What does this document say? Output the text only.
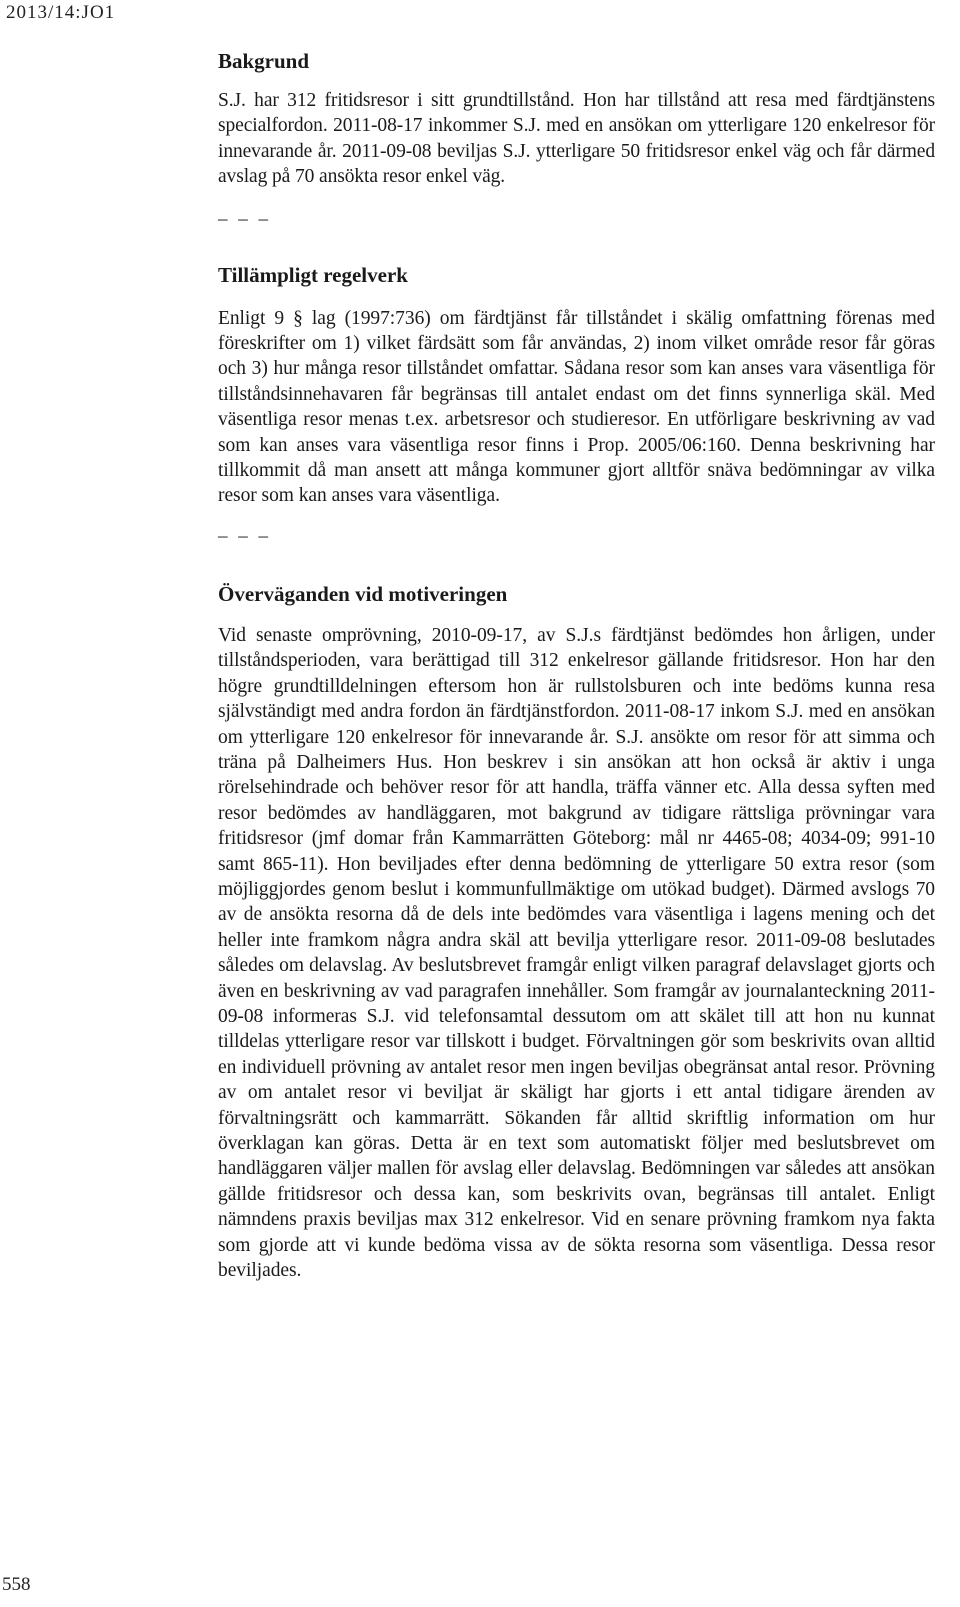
2013/14:JO1
Bakgrund

S.J. har 312 fritidsresor i sitt grundtillstånd. Hon har tillstånd att resa med färdtjänstens specialfordon. 2011-08-17 inkommer S.J. med en ansökan om ytterligare 120 enkelresor för innevarande år. 2011-09-08 beviljas S.J. ytterligare 50 fritidsresor enkel väg och får därmed avslag på 70 ansökta resor enkel väg.

_ _ _
Tillämpligt regelverk

Enligt 9 § lag (1997:736) om färdtjänst får tillståndet i skälig omfattning förenas med föreskrifter om 1) vilket färdsätt som får användas, 2) inom vilket område resor får göras och 3) hur många resor tillståndet omfattar. Sådana resor som kan anses vara väsentliga för tillståndsinnehavaren får begränsas till antalet endast om det finns synnerliga skäl. Med väsentliga resor menas t.ex. arbetsresor och studieresor. En utförligare beskrivning av vad som kan anses vara väsentliga resor finns i Prop. 2005/06:160. Denna beskrivning har tillkommit då man ansett att många kommuner gjort alltför snäva bedömningar av vilka resor som kan anses vara väsentliga.

_ _ _
Överväganden vid motiveringen

Vid senaste omprövning, 2010-09-17, av S.J.s färdtjänst bedömdes hon årligen, under tillståndsperioden, vara berättigad till 312 enkelresor gällande fritidsresor. Hon har den högre grundtilldelningen eftersom hon är rullstolsburen och inte bedöms kunna resa självständigt med andra fordon än färdtjänstfordon. 2011-08-17 inkom S.J. med en ansökan om ytterligare 120 enkelresor för innevarande år. S.J. ansökte om resor för att simma och träna på Dalheimers Hus. Hon beskrev i sin ansökan att hon också är aktiv i unga rörelsehindrade och behöver resor för att handla, träffa vänner etc. Alla dessa syften med resor bedömdes av handläggaren, mot bakgrund av tidigare rättsliga prövningar vara fritidsresor (jmf domar från Kammarrätten Göteborg: mål nr 4465-08; 4034-09; 991-10 samt 865-11). Hon beviljades efter denna bedömning de ytterligare 50 extra resor (som möjliggjordes genom beslut i kommunfullmäktige om utökad budget). Därmed avslogs 70 av de ansökta resorna då de dels inte bedömdes vara väsentliga i lagens mening och det heller inte framkom några andra skäl att bevilja ytterligare resor. 2011-09-08 beslutades således om delavslag. Av beslutsbrevet framgår enligt vilken paragraf delavslaget gjorts och även en beskrivning av vad paragrafen innehåller. Som framgår av journalanteckning 2011-09-08 informeras S.J. vid telefonsamtal dessutom om att skälet till att hon nu kunnat tilldelas ytterligare resor var tillskott i budget. Förvaltningen gör som beskrivits ovan alltid en individuell prövning av antalet resor men ingen beviljas obegränsat antal resor. Prövning av om antalet resor vi beviljat är skäligt har gjorts i ett antal tidigare ärenden av förvaltningsrätt och kammarrätt. Sökanden får alltid skriftlig information om hur överklagan kan göras. Detta är en text som automatiskt följer med beslutsbrevet om handläggaren väljer mallen för avslag eller delavslag. Bedömningen var således att ansökan gällde fritidsresor och dessa kan, som beskrivits ovan, begränsas till antalet. Enligt nämndens praxis beviljas max 312 enkelresor. Vid en senare prövning framkom nya fakta som gjorde att vi kunde bedöma vissa av de sökta resorna som väsentliga. Dessa resor beviljades.

558
